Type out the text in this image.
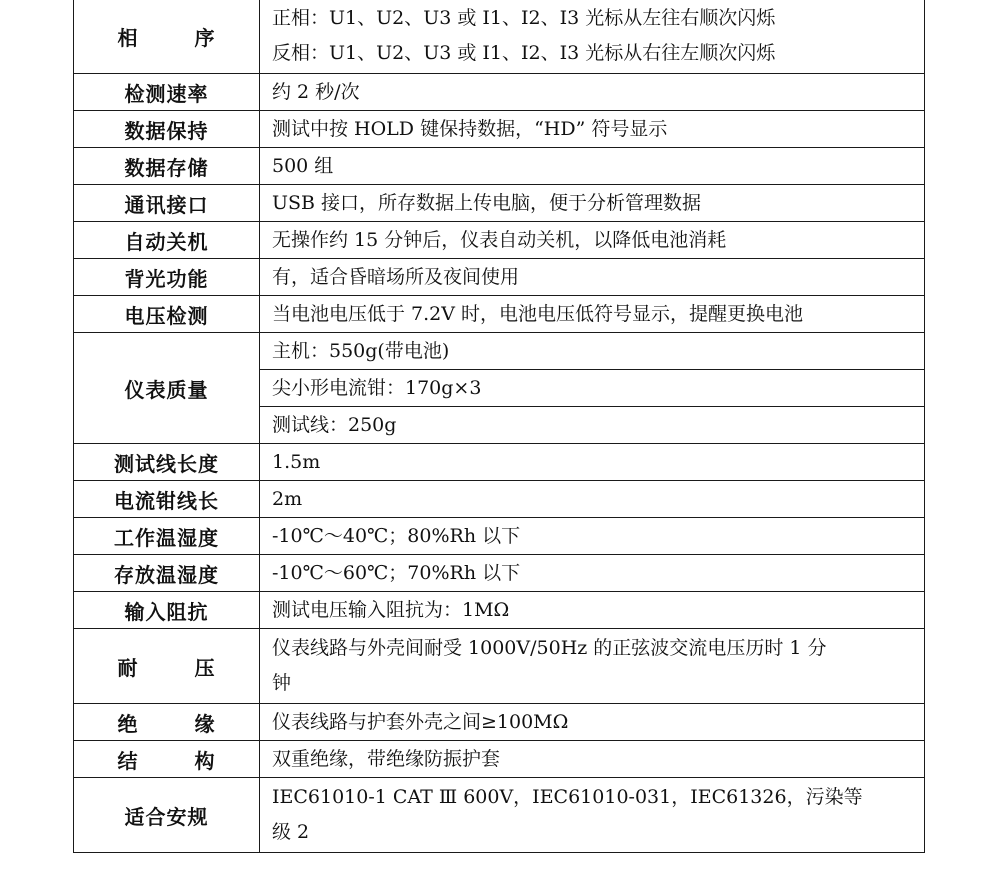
相 序	正相：U1、U2、U3 或 I1、I2、I3 光标从左往右顺次闪烁
反相：U1、U2、U3 或 I1、I2、I3 光标从右往左顺次闪烁

检测速率	约 2 秒/次

数据保持	测试中按 HOLD 键保持数据，“HD” 符号显示

数据存储	500 组

通讯接口	USB 接口，所存数据上传电脑，便于分析管理数据

自动关机	无操作约 15 分钟后，仪表自动关机，以降低电池消耗

背光功能	有，适合昏暗场所及夜间使用

电压检测	当电池电压低于 7.2V 时，电池电压低符号显示，提醒更换电池

仪表质量	主机：550g(带电池)
	尖小形电流钳：170g×3
	测试线：250g
测试线长度	1.5m

电流钳线长	2m

工作温湿度	-10℃～40℃；80%Rh 以下

存放温湿度	-10℃～60℃；70%Rh 以下

输入阻抗	测试电压输入阻抗为：1MΩ

耐 压	仪表线路与外壳间耐受 1000V/50Hz 的正弦波交流电压历时 1 分
钟

绝 缘	仪表线路与护套外壳之间≥100MΩ

结 构	双重绝缘，带绝缘防振护套

适合安规	IEC61010-1 CAT Ⅲ 600V，IEC61010-031，IEC61326，污染等
级 2
